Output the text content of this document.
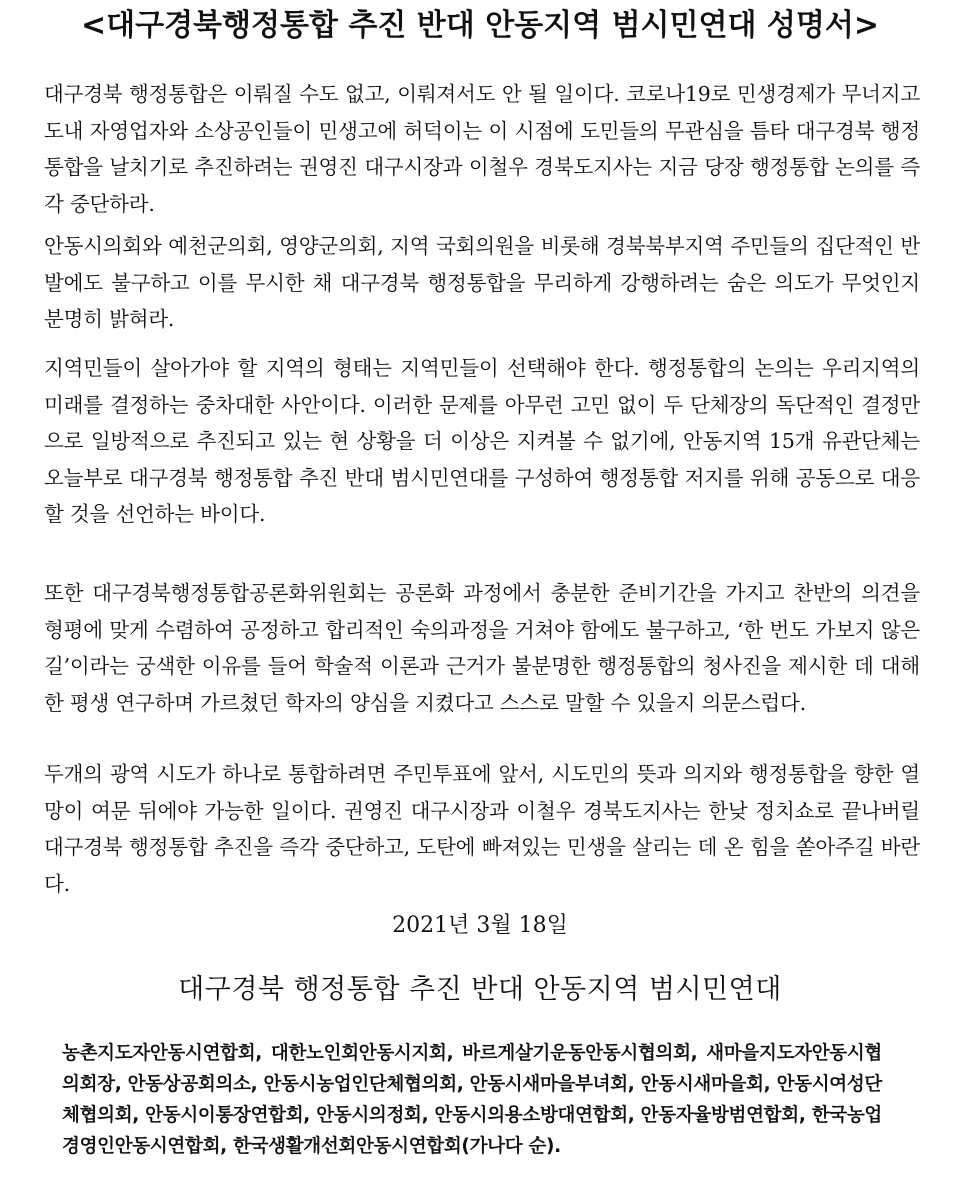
<대구경북행정통합 추진 반대 안동지역 범시민연대 성명서>
대구경북 행정통합은 이뤄질 수도 없고, 이뤄져서도 안 될 일이다. 코로나19로 민생경제가 무너지고 도내 자영업자와 소상공인들이 민생고에 허덕이는 이 시점에 도민들의 무관심을 틈타 대구경북 행정통합을 날치기로 추진하려는 권영진 대구시장과 이철우 경북도지사는 지금 당장 행정통합 논의를 즉각 중단하라.
안동시의회와 예천군의회, 영양군의회, 지역 국회의원을 비롯해 경북북부지역 주민들의 집단적인 반발에도 불구하고 이를 무시한 채 대구경북 행정통합을 무리하게 강행하려는 숨은 의도가 무엇인지 분명히 밝혀라.
지역민들이 살아가야 할 지역의 형태는 지역민들이 선택해야 한다. 행정통합의 논의는 우리지역의 미래를 결정하는 중차대한 사안이다. 이러한 문제를 아무런 고민 없이 두 단체장의 독단적인 결정만으로 일방적으로 추진되고 있는 현 상황을 더 이상은 지켜볼 수 없기에, 안동지역 15개 유관단체는 오늘부로 대구경북 행정통합 추진 반대 범시민연대를 구성하여 행정통합 저지를 위해 공동으로 대응할 것을 선언하는 바이다.
또한 대구경북행정통합공론화위원회는 공론화 과정에서 충분한 준비기간을 가지고 찬반의 의견을 형평에 맞게 수렴하여 공정하고 합리적인 숙의과정을 거쳐야 함에도 불구하고, ‘한 번도 가보지 않은 길’이라는 궁색한 이유를 들어 학술적 이론과 근거가 불분명한 행정통합의 청사진을 제시한 데 대해 한 평생 연구하며 가르쳤던 학자의 양심을 지켰다고 스스로 말할 수 있을지 의문스럽다.
두개의 광역 시도가 하나로 통합하려면 주민투표에 앞서, 시도민의 뜻과 의지와 행정통합을 향한 열망이 여문 뒤에야 가능한 일이다. 권영진 대구시장과 이철우 경북도지사는 한낮 정치쇼로 끝나버릴 대구경북 행정통합 추진을 즉각 중단하고, 도탄에 빠져있는 민생을 살리는 데 온 힘을 쏟아주길 바란다.
2021년 3월 18일
대구경북 행정통합 추진 반대 안동지역 범시민연대
농촌지도자안동시연합회, 대한노인회안동시지회, 바르게살기운동안동시협의회, 새마을지도자안동시협의회장, 안동상공회의소, 안동시농업인단체협의회, 안동시새마을부녀회, 안동시새마을회, 안동시여성단체협의회, 안동시이통장연합회, 안동시의정회, 안동시의용소방대연합회, 안동자율방범연합회, 한국농업경영인안동시연합회, 한국생활개선회안동시연합회(가나다 순).
